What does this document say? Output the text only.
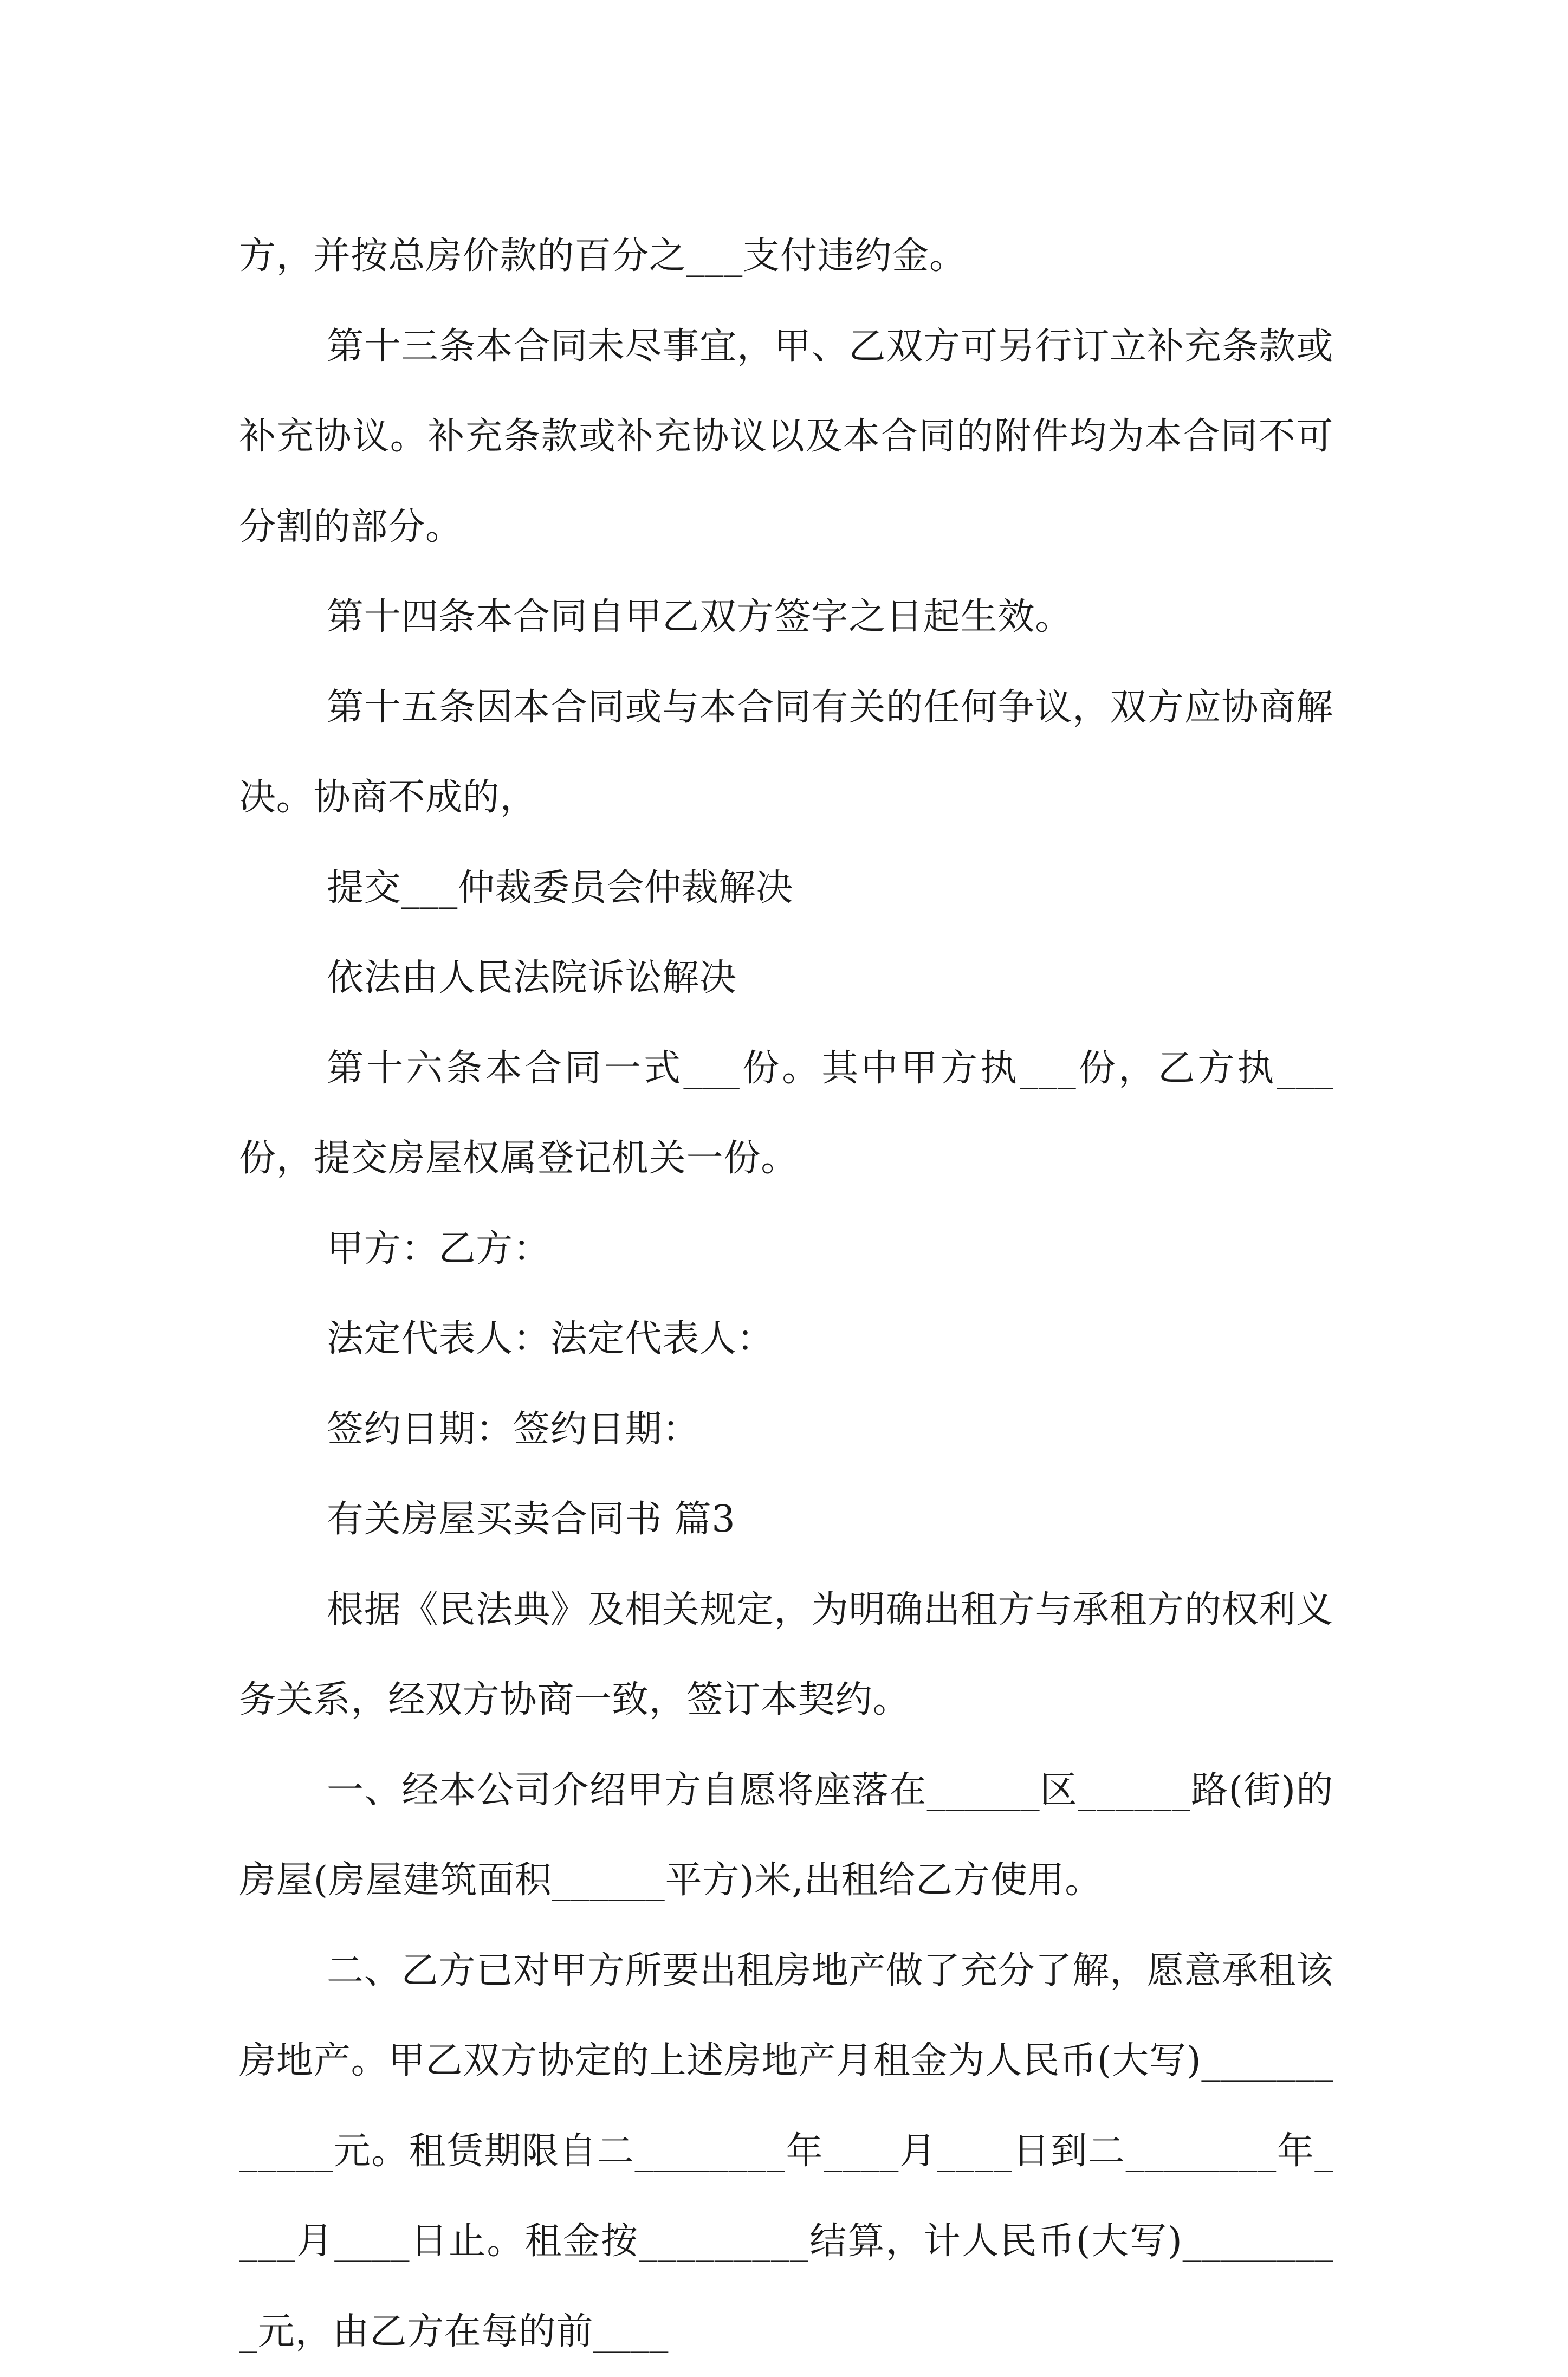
方，并按总房价款的百分之___支付违约金。

第十三条本合同未尽事宜，甲、乙双方可另行订立补充条款或补充协议。补充条款或补充协议以及本合同的附件均为本合同不可分割的部分。

第十四条本合同自甲乙双方签字之日起生效。

第十五条因本合同或与本合同有关的任何争议，双方应协商解决。协商不成的，

提交___仲裁委员会仲裁解决

依法由人民法院诉讼解决

第十六条本合同一式___份。其中甲方执___份，乙方执___份，提交房屋权属登记机关一份。

甲方：乙方：

法定代表人：法定代表人：

签约日期：签约日期：

有关房屋买卖合同书 篇3

根据《民法典》及相关规定，为明确出租方与承租方的权利义务关系，经双方协商一致，签订本契约。

一、经本公司介绍甲方自愿将座落在______区______路(街)的房屋(房屋建筑面积______平方)米,出租给乙方使用。

二、乙方已对甲方所要出租房地产做了充分了解，愿意承租该房地产。甲乙双方协定的上述房地产月租金为人民币(大写)____________元。租赁期限自二________年____月____日到二________年____月____日止。租金按_________结算，计人民币(大写)_________元，由乙方在每的前____
